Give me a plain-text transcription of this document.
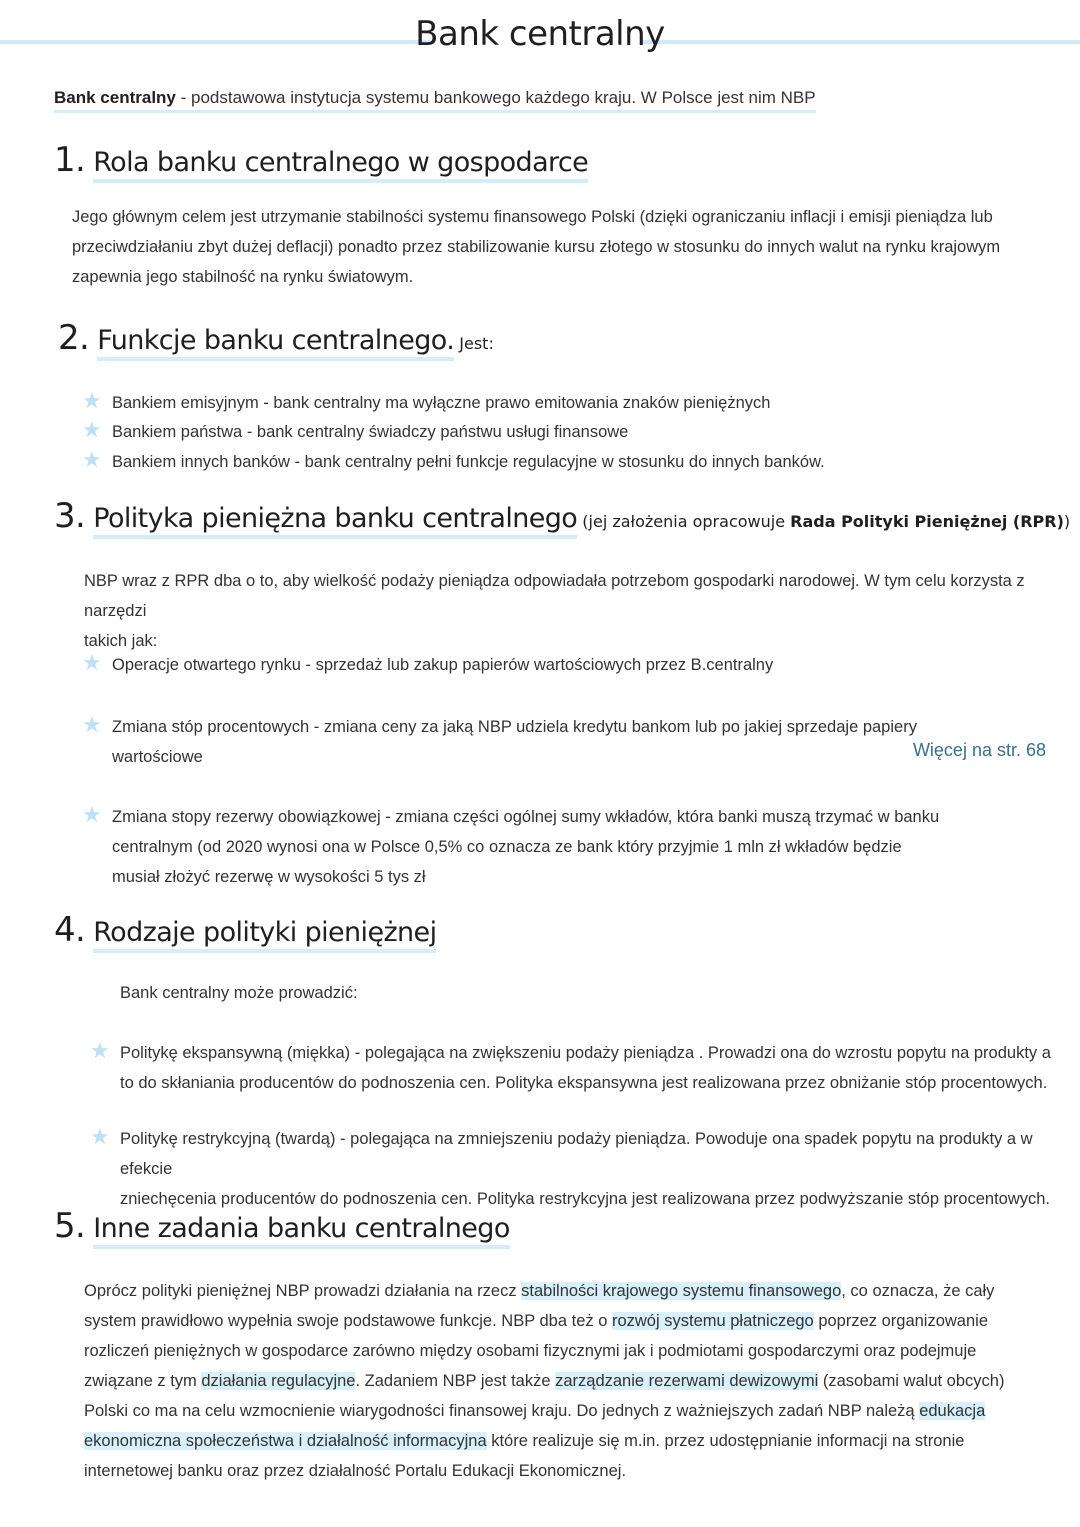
Bank centralny
Bank centralny - podstawowa instytucja systemu bankowego każdego kraju. W Polsce jest nim NBP
1. Rola banku centralnego w gospodarce
Jego głównym celem jest utrzymanie stabilności systemu finansowego Polski (dzięki ograniczaniu inflacji i emisji pieniądza lub
przeciwdziałaniu zbyt dużej deflacji) ponadto przez stabilizowanie kursu złotego w stosunku do innych walut na rynku krajowym
zapewnia jego stabilność na rynku światowym.
2. Funkcje banku centralnego. Jest:
★ Bankiem emisyjnym - bank centralny ma wyłączne prawo emitowania znaków pieniężnych
★ Bankiem państwa - bank centralny świadczy państwu usługi finansowe
★ Bankiem innych banków - bank centralny pełni funkcje regulacyjne w stosunku do innych banków.
3. Polityka pieniężna banku centralnego (jej założenia opracowuje Rada Polityki Pieniężnej (RPR))
NBP wraz z RPR dba o to, aby wielkość podaży pieniądza odpowiadała potrzebom gospodarki narodowej. W tym celu korzysta z narzędzi
takich jak:
★ Operacje otwartego rynku - sprzedaż lub zakup papierów wartościowych przez B.centralny
★ Zmiana stóp procentowych - zmiana ceny za jaką NBP udziela kredytu bankom lub po jakiej sprzedaje papiery
wartościowe	Więcej na str. 68
★ Zmiana stopy rezerwy obowiązkowej - zmiana części ogólnej sumy wkładów, która banki muszą trzymać w banku
centralnym (od 2020 wynosi ona w Polsce 0,5% co oznacza ze bank który przyjmie 1 mln zł wkładów będzie
musiał złożyć rezerwę w wysokości 5 tys zł
4. Rodzaje polityki pieniężnej
Bank centralny może prowadzić:
★ Politykę ekspansywną (miękka) - polegająca na zwiększeniu podaży pieniądza . Prowadzi ona do wzrostu popytu na produkty a
to do skłaniania producentów do podnoszenia cen. Polityka ekspansywna jest realizowana przez obniżanie stóp procentowych.
★ Politykę restrykcyjną (twardą) - polegająca na zmniejszeniu podaży pieniądza. Powoduje ona spadek popytu na produkty a w efekcie
zniechęcenia producentów do podnoszenia cen. Polityka restrykcyjna jest realizowana przez podwyższanie stóp procentowych.
5. Inne zadania banku centralnego
Oprócz polityki pieniężnej NBP prowadzi działania na rzecz stabilności krajowego systemu finansowego, co oznacza, że cały
system prawidłowo wypełnia swoje podstawowe funkcje. NBP dba też o rozwój systemu płatniczego poprzez organizowanie
rozliczeń pieniężnych w gospodarce zarówno między osobami fizycznymi jak i podmiotami gospodarczymi oraz podejmuje
związane z tym działania regulacyjne. Zadaniem NBP jest także zarządzanie rezerwami dewizowymi (zasobami walut obcych)
Polski co ma na celu wzmocnienie wiarygodności finansowej kraju. Do jednych z ważniejszych zadań NBP należą edukacja
ekonomiczna społeczeństwa i działalność informacyjna które realizuje się m.in. przez udostępnianie informacji na stronie
internetowej banku oraz przez działalność Portalu Edukacji Ekonomicznej.
